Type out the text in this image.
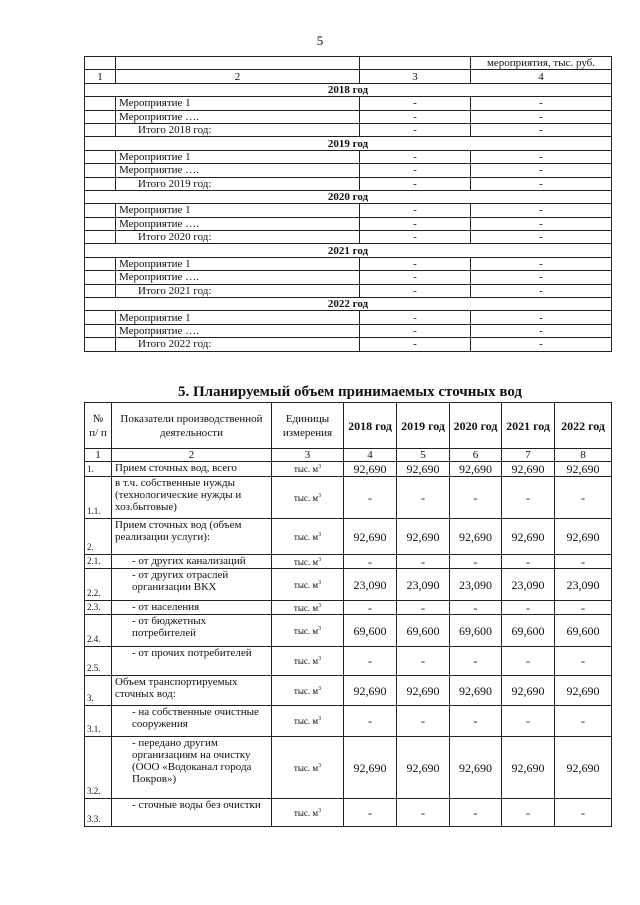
5
			мероприятия, тыс. руб.
1	2	3	4
2018 год			
	Мероприятие 1	-	-
	Мероприятие ….	-	-
	Итого 2018 год:	-	-
2019 год			
	Мероприятие 1	-	-
	Мероприятие ….	-	-
	Итого 2019 год:	-	-
2020 год			
	Мероприятие 1	-	-
	Мероприятие ….	-	-
	Итого 2020 год:	-	-
2021 год			
	Мероприятие 1	-	-
	Мероприятие ….	-	-
	Итого 2021 год:	-	-
2022 год			
	Мероприятие 1	-	-
	Мероприятие ….	-	-
	Итого 2022 год:	-	-
5. Планируемый объем принимаемых сточных вод
№ п/ п	Показатели производственной деятельности	Единицы измерения	2018 год	2019 год	2020 год	2021 год	2022 год
1	2	3	4	5	6	7	8
1.	Прием сточных вод, всего	тыс. $м^3$	92,690	92,690	92,690	92,690	92,690
1.1.	в т.ч. собственные нужды (технологические нужды и хоз.бытовые)	тыс. $м^3$	-	-	-	-	-
2.	Прием сточных вод (объем реализации услуги):	тыс. $м^3$	92,690	92,690	92,690	92,690	92,690
2.1.	- от других канализаций	тыс. $м^3$	-	-	-	-	-
2.2.	- от других отраслей организации ВКХ	тыс. $м^3$	23,090	23,090	23,090	23,090	23,090
2.3.	- от населения	тыс. $м^3$	-	-	-	-	-
2.4.	- от бюджетных потребителей	тыс. $м^3$	69,600	69,600	69,600	69,600	69,600
2.5.	- от прочих потребителей	тыс. $м^3$	-	-	-	-	-
3.	Объем транспортируемых сточных вод:	тыс. $м^3$	92,690	92,690	92,690	92,690	92,690
3.1.	- на собственные очистные сооружения	тыс. $м^3$	-	-	-	-	-
3.2.	- передано другим организациям на очистку (ООО «Водоканал города Покров»)	тыс. $м^3$	92,690	92,690	92,690	92,690	92,690
3.3.	- сточные воды без очистки	тыс. $м^3$	-	-	-	-	-
